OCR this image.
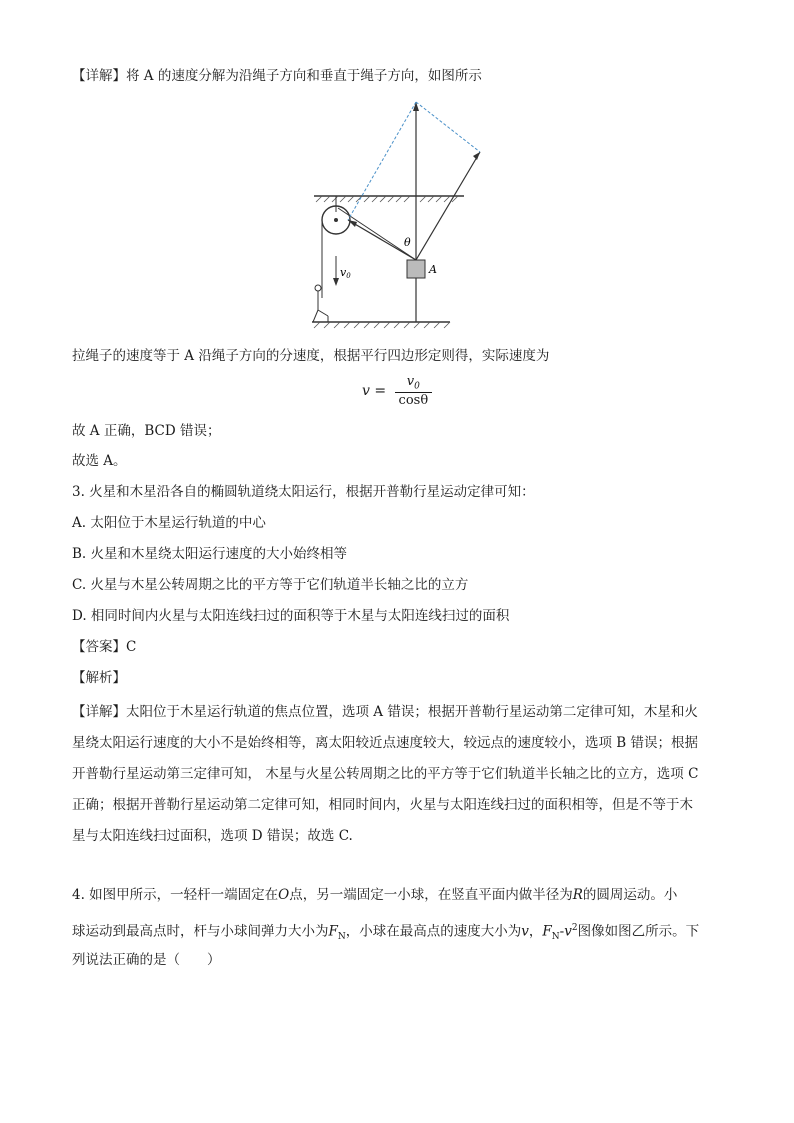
【详解】将 A 的速度分解为沿绳子方向和垂直于绳子方向，如图所示
θ
A
v0
拉绳子的速度等于 A 沿绳子方向的分速度，根据平行四边形定则得，实际速度为
$v = \frac{v_0}{\cos\theta}$
故 A 正确，BCD 错误；
故选 A。
3. 火星和木星沿各自的椭圆轨道绕太阳运行，根据开普勒行星运动定律可知：
A. 太阳位于木星运行轨道的中心
B. 火星和木星绕太阳运行速度的大小始终相等
C. 火星与木星公转周期之比的平方等于它们轨道半长轴之比的立方
D. 相同时间内火星与太阳连线扫过的面积等于木星与太阳连线扫过的面积
【答案】C
【解析】
【详解】太阳位于木星运行轨道的焦点位置，选项 A 错误；根据开普勒行星运动第二定律可知，木星和火
星绕太阳运行速度的大小不是始终相等，离太阳较近点速度较大，较远点的速度较小，选项 B 错误；根据
开普勒行星运动第三定律可知， 木星与火星公转周期之比的平方等于它们轨道半长轴之比的立方，选项 C
正确；根据开普勒行星运动第二定律可知，相同时间内，火星与太阳连线扫过的面积相等，但是不等于木
星与太阳连线扫过面积，选项 D 错误；故选 C.
4. 如图甲所示，一轻杆一端固定在O点，另一端固定一小球，在竖直平面内做半径为R的圆周运动。小
球运动到最高点时，杆与小球间弹力大小为$F_N$，小球在最高点的速度大小为v，$F_N-v^2$图像如图乙所示。下
列说法正确的是（　　）
